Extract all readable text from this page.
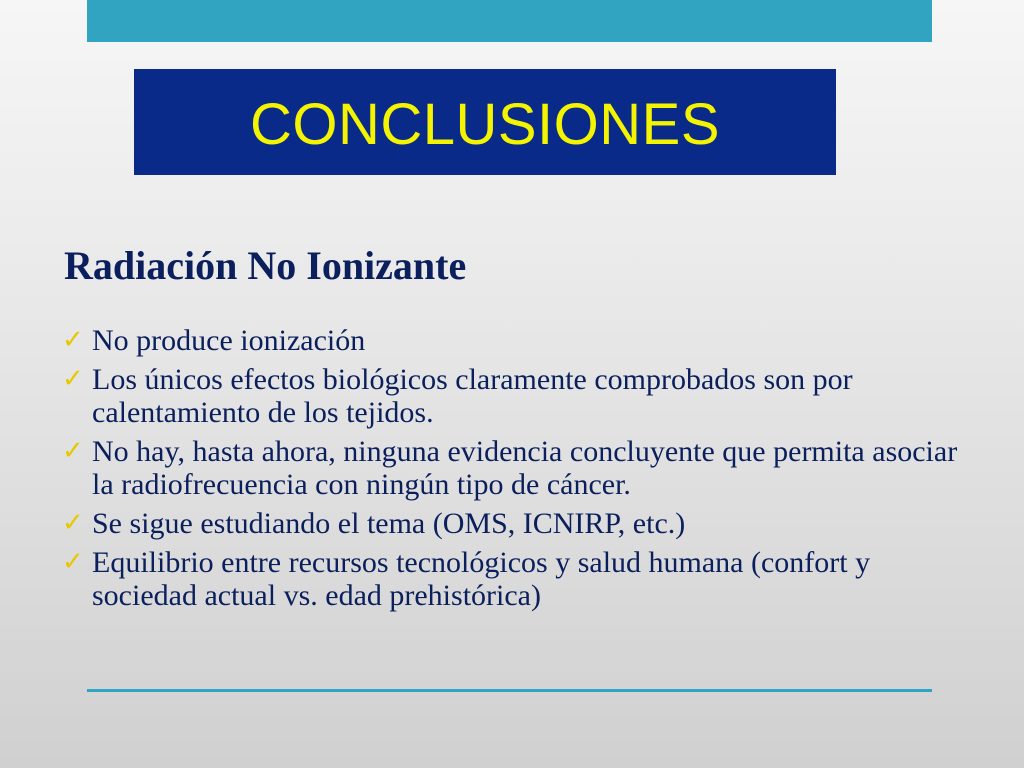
CONCLUSIONES
Radiación No Ionizante
✓ No produce ionización
✓ Los únicos efectos biológicos claramente comprobados son por calentamiento de los tejidos.
✓ No hay, hasta ahora, ninguna evidencia concluyente que permita asociar la radiofrecuencia con ningún tipo de cáncer.
✓ Se sigue estudiando el tema (OMS, ICNIRP, etc.)
✓ Equilibrio entre recursos tecnológicos y salud humana (confort y sociedad actual vs. edad prehistórica)
